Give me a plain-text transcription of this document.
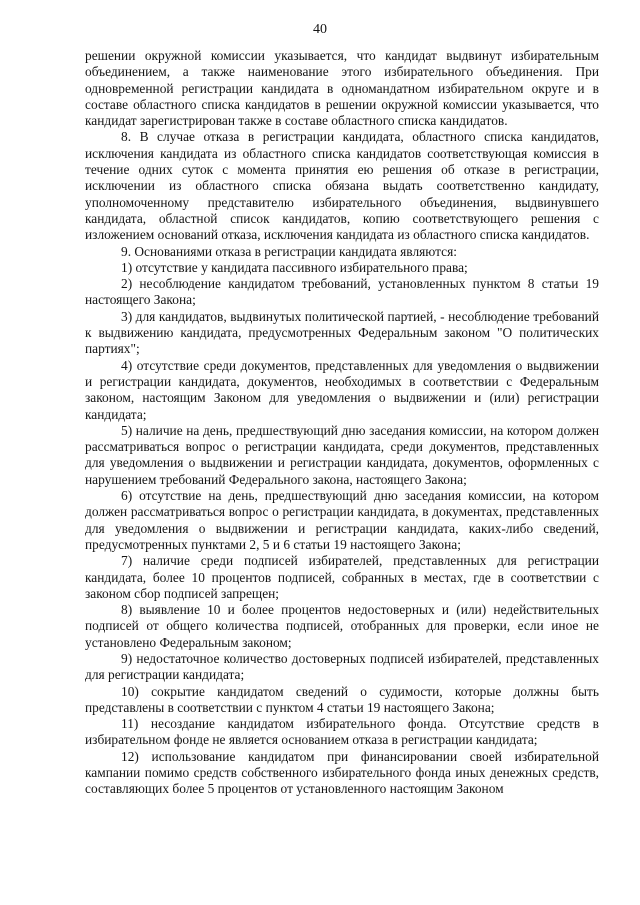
40

решении окружной комиссии указывается, что кандидат выдвинут избирательным объединением, а также наименование этого избирательного объединения. При одновременной регистрации кандидата в одномандатном избирательном округе и в составе областного списка кандидатов в решении окружной комиссии указывается, что кандидат зарегистрирован также в составе областного списка кандидатов.

8. В случае отказа в регистрации кандидата, областного списка кандидатов, исключения кандидата из областного списка кандидатов соответствующая комиссия в течение одних суток с момента принятия ею решения об отказе в регистрации, исключении из областного списка обязана выдать соответственно кандидату, уполномоченному представителю избирательного объединения, выдвинувшего кандидата, областной список кандидатов, копию соответствующего решения с изложением оснований отказа, исключения кандидата из областного списка кандидатов.

9. Основаниями отказа в регистрации кандидата являются:

1) отсутствие у кандидата пассивного избирательного права;

2) несоблюдение кандидатом требований, установленных пунктом 8 статьи 19 настоящего Закона;

3) для кандидатов, выдвинутых политической партией, - несоблюдение требований к выдвижению кандидата, предусмотренных Федеральным законом "О политических партиях";

4) отсутствие среди документов, представленных для уведомления о выдвижении и регистрации кандидата, документов, необходимых в соответствии с Федеральным законом, настоящим Законом для уведомления о выдвижении и (или) регистрации кандидата;

5) наличие на день, предшествующий дню заседания комиссии, на котором должен рассматриваться вопрос о регистрации кандидата, среди документов, представленных для уведомления о выдвижении и регистрации кандидата, документов, оформленных с нарушением требований Федерального закона, настоящего Закона;

6) отсутствие на день, предшествующий дню заседания комиссии, на котором должен рассматриваться вопрос о регистрации кандидата, в документах, представленных для уведомления о выдвижении и регистрации кандидата, каких-либо сведений, предусмотренных пунктами 2, 5 и 6 статьи 19 настоящего Закона;

7) наличие среди подписей избирателей, представленных для регистрации кандидата, более 10 процентов подписей, собранных в местах, где в соответствии с законом сбор подписей запрещен;

8) выявление 10 и более процентов недостоверных и (или) недействительных подписей от общего количества подписей, отобранных для проверки, если иное не установлено Федеральным законом;

9) недостаточное количество достоверных подписей избирателей, представленных для регистрации кандидата;

10) сокрытие кандидатом сведений о судимости, которые должны быть представлены в соответствии с пунктом 4 статьи 19 настоящего Закона;

11) несоздание кандидатом избирательного фонда. Отсутствие средств в избирательном фонде не является основанием отказа в регистрации кандидата;

12) использование кандидатом при финансировании своей избирательной кампании помимо средств собственного избирательного фонда иных денежных средств, составляющих более 5 процентов от установленного настоящим Законом
